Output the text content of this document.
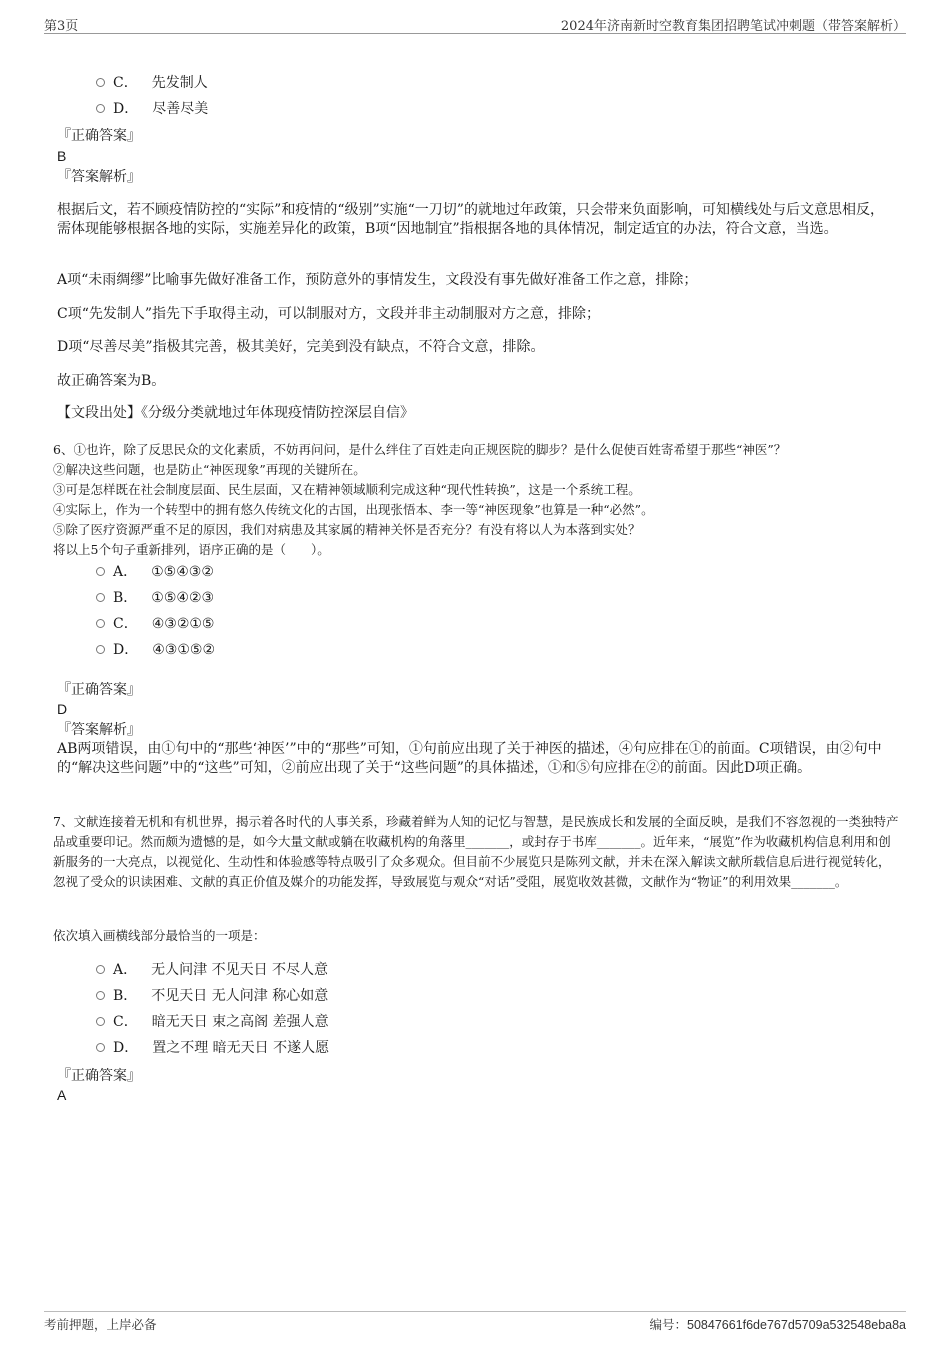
第3页	2024年济南新时空教育集团招聘笔试冲刺题（带答案解析）
C． 先发制人
D． 尽善尽美
『正确答案』
B
『答案解析』
根据后文，若不顾疫情防控的“实际”和疫情的“级别”实施“一刀切”的就地过年政策，只会带来负面影响，可知横线处与后文意思相反，需体现能够根据各地的实际，实施差异化的政策，B项“因地制宜”指根据各地的具体情况，制定适宜的办法，符合文意，当选。
A项“未雨绸缪”比喻事先做好准备工作，预防意外的事情发生，文段没有事先做好准备工作之意，排除；
C项“先发制人”指先下手取得主动，可以制服对方，文段并非主动制服对方之意，排除；
D项“尽善尽美”指极其完善，极其美好，完美到没有缺点，不符合文意，排除。
故正确答案为B。
【文段出处】《分级分类就地过年体现疫情防控深层自信》
6、①也许，除了反思民众的文化素质，不妨再问问，是什么绊住了百姓走向正规医院的脚步？是什么促使百姓寄希望于那些“神医”？
②解决这些问题，也是防止“神医现象”再现的关键所在。
③可是怎样既在社会制度层面、民生层面，又在精神领域顺利完成这种“现代性转换”，这是一个系统工程。
④实际上，作为一个转型中的拥有悠久传统文化的古国，出现张悟本、李一等“神医现象”也算是一种“必然”。
⑤除了医疗资源严重不足的原因，我们对病患及其家属的精神关怀是否充分？有没有将以人为本落到实处？
将以上5个句子重新排列，语序正确的是（　　）。
A． ①⑤④③②
B． ①⑤④②③
C． ④③②①⑤
D． ④③①⑤②
『正确答案』
D
『答案解析』
AB两项错误，由①句中的“那些‘神医’”中的“那些”可知，①句前应出现了关于神医的描述，④句应排在①的前面。C项错误，由②句中的“解决这些问题”中的“这些”可知，②前应出现了关于“这些问题”的具体描述，①和⑤句应排在②的前面。因此D项正确。
7、文献连接着无机和有机世界，揭示着各时代的人事关系，珍藏着鲜为人知的记忆与智慧，是民族成长和发展的全面反映，是我们不容忽视的一类独特产品或重要印记。然而颇为遗憾的是，如今大量文献或躺在收藏机构的角落里_______，或封存于书库_______。近年来，“展览”作为收藏机构信息利用和创新服务的一大亮点，以视觉化、生动性和体验感等特点吸引了众多观众。但目前不少展览只是陈列文献，并未在深入解读文献所载信息后进行视觉转化，忽视了受众的识读困难、文献的真正价值及媒介的功能发挥，导致展览与观众“对话”受阻，展览收效甚微，文献作为“物证”的利用效果_______。
依次填入画横线部分最恰当的一项是：
A． 无人问津 不见天日 不尽人意
B． 不见天日 无人问津 称心如意
C． 暗无天日 束之高阁 差强人意
D． 置之不理 暗无天日 不遂人愿
『正确答案』
A
考前押题，上岸必备	编号：50847661f6de767d5709a532548eba8a
